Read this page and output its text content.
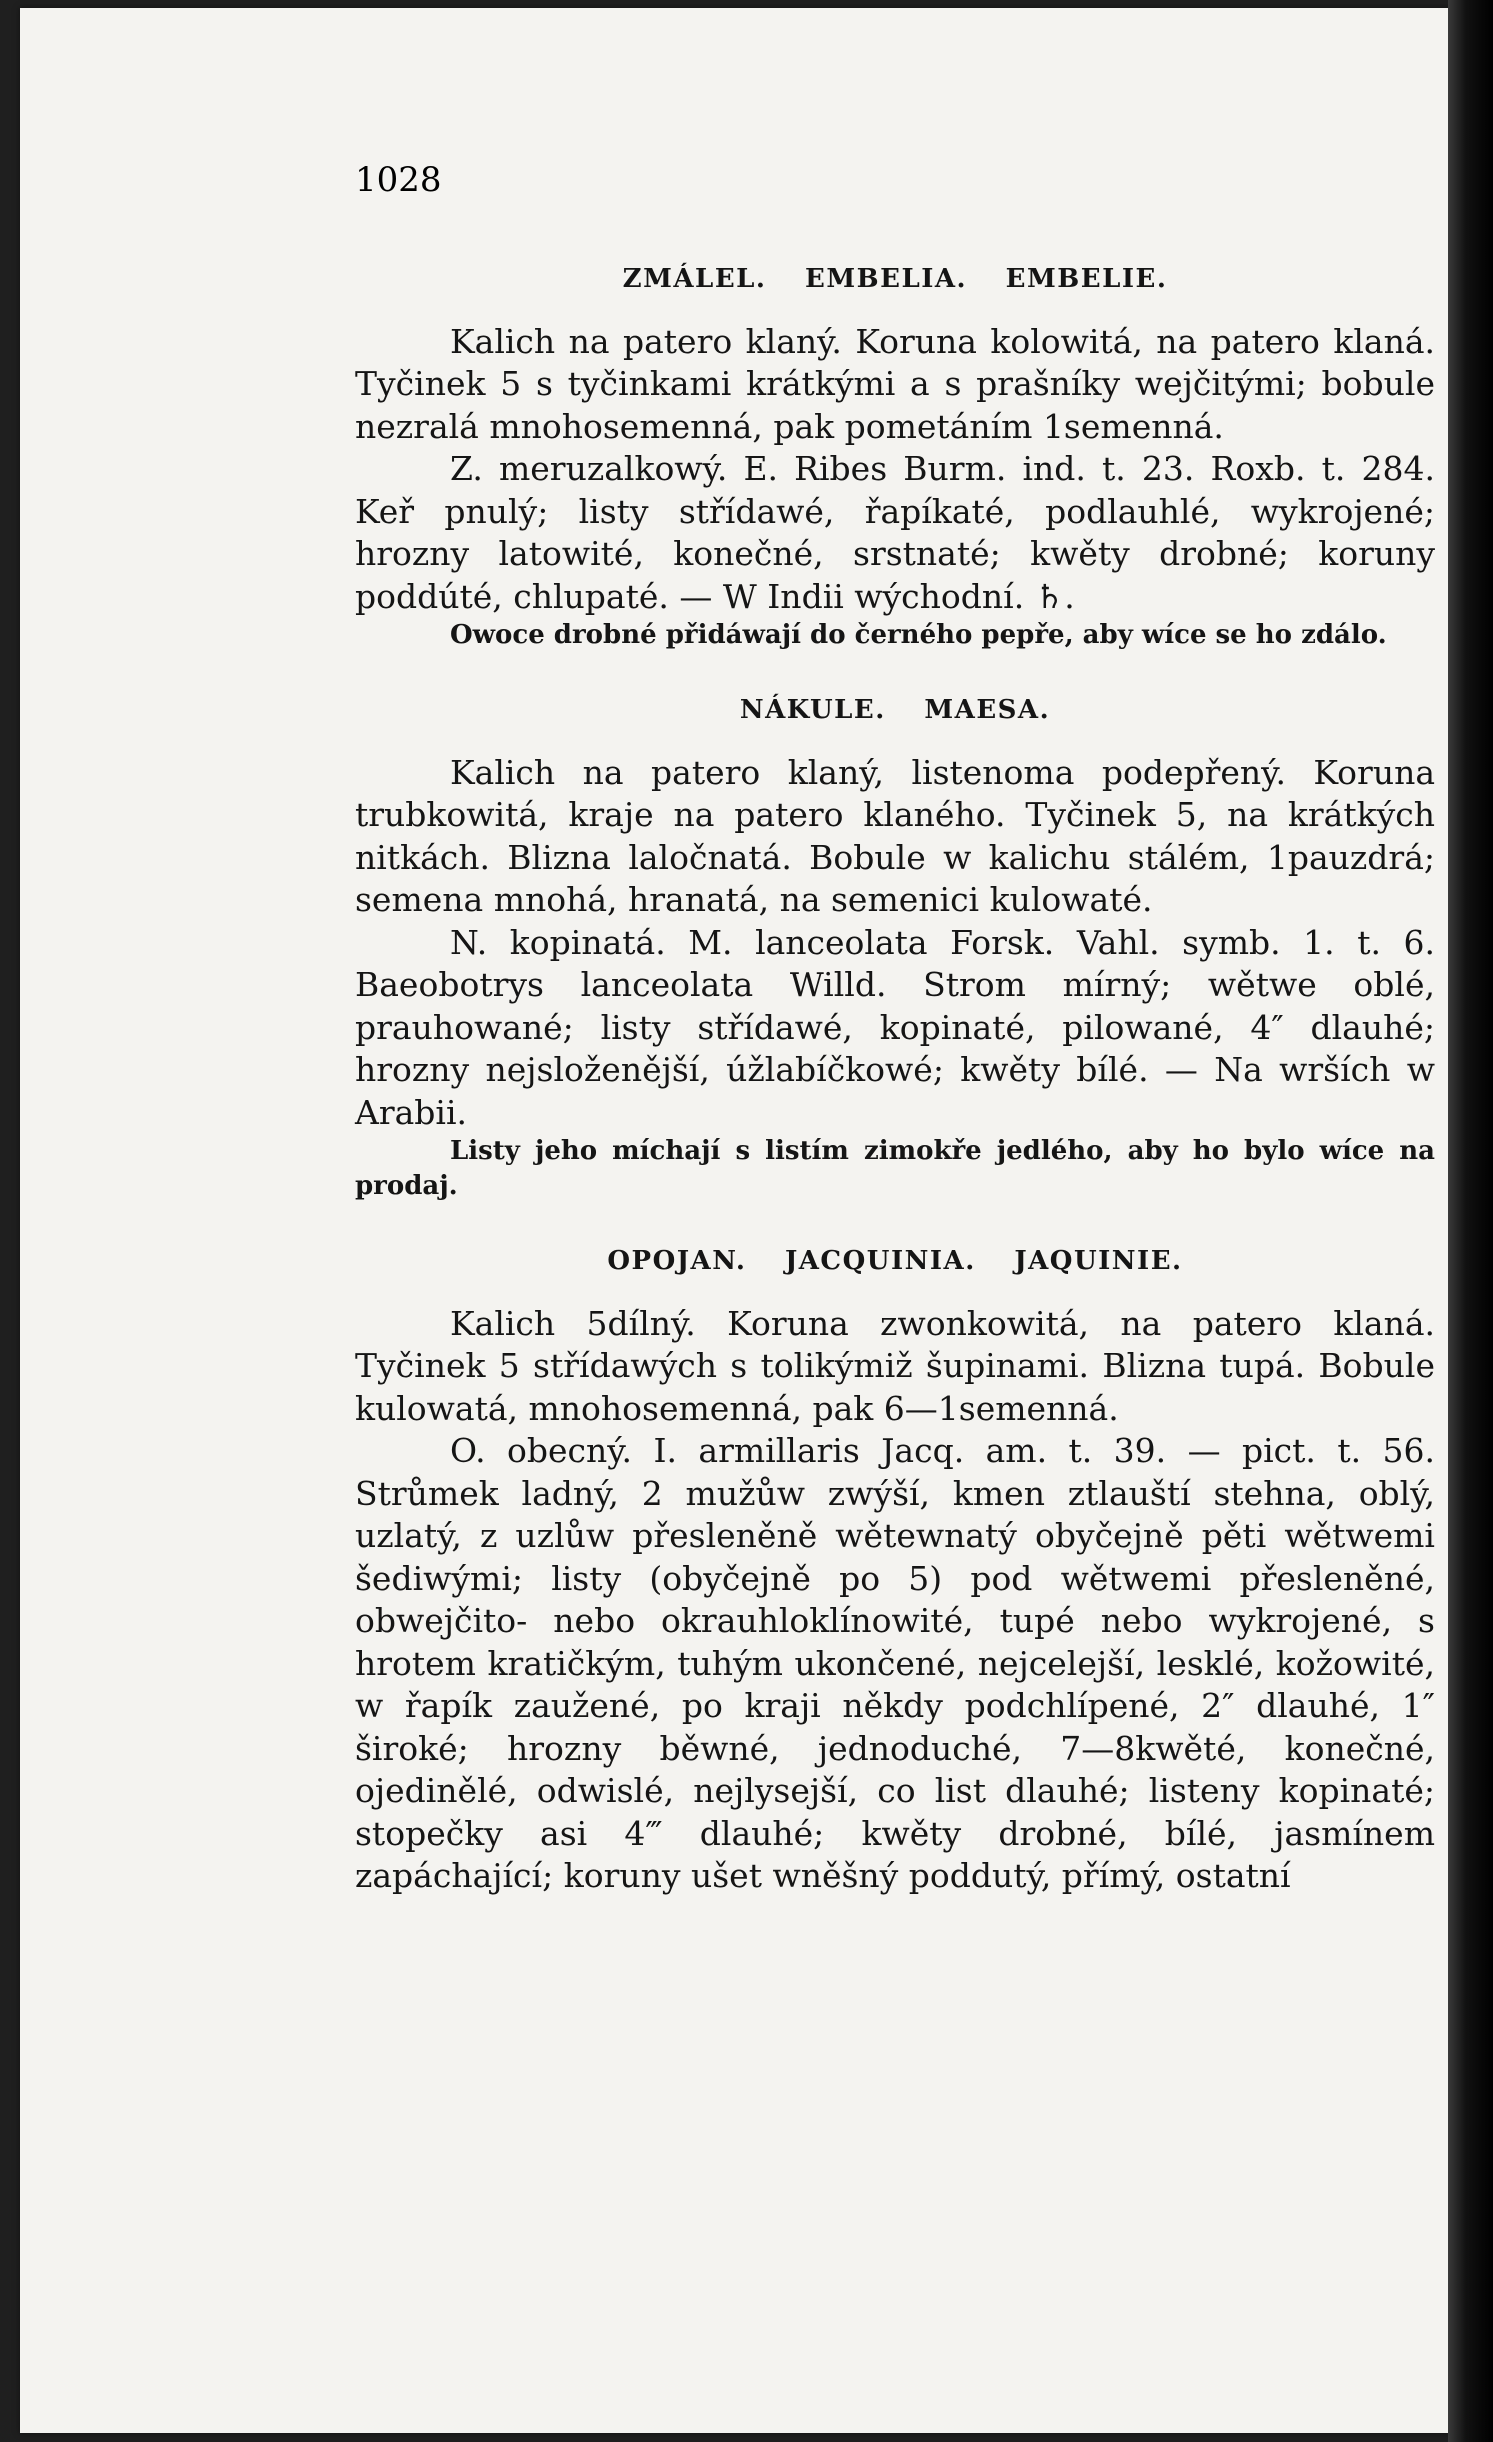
1028

ZMÁLEL. EMBELIA. EMBELIE.

Kalich na patero klaný. Koruna kolowitá, na patero klaná. Tyčinek 5 s tyčinkami krátkými a s prašníky wejčitými; bobule nezralá mnohosemenná, pak pometáním 1semenná.

Z. meruzalkowý. E. Ribes Burm. ind. t. 23. Roxb. t. 284. Keř pnulý; listy střídawé, řapíkaté, podlauhlé, wykrojené; hrozny latowité, konečné, srstnaté; kwěty drobné; koruny poddúté, chlupaté. — W Indii wýchodní. ♄.

Owoce drobné přidáwají do černého pepře, aby wíce se ho zdálo.

NÁKULE. MAESA.

Kalich na patero klaný, listenoma podepřený. Koruna trubkowitá, kraje na patero klaného. Tyčinek 5, na krátkých nitkách. Blizna laločnatá. Bobule w kalichu stálém, 1pauzdrá; semena mnohá, hranatá, na semenici kulowaté.

N. kopinatá. M. lanceolata Forsk. Vahl. symb. 1. t. 6. Baeobotrys lanceolata Willd. Strom mírný; wětwe oblé, prauhowané; listy střídawé, kopinaté, pilowané, 4″ dlauhé; hrozny nejsloženější, úžlabíčkowé; kwěty bílé. — Na wrších w Arabii.

Listy jeho míchají s listím zimokře jedlého, aby ho bylo wíce na prodaj.

OPOJAN. JACQUINIA. JAQUINIE.

Kalich 5dílný. Koruna zwonkowitá, na patero klaná. Tyčinek 5 střídawých s tolikýmiž šupinami. Blizna tupá. Bobule kulowatá, mnohosemenná, pak 6—1semenná.

O. obecný. I. armillaris Jacq. am. t. 39. — pict. t. 56. Strůmek ladný, 2 mužůw zwýší, kmen ztlauští stehna, oblý, uzlatý, z uzlůw přesleněně wětewnatý obyčejně pěti wětwemi šediwými; listy (obyčejně po 5) pod wětwemi přesleněné, obwejčito- nebo okrauhloklínowité, tupé nebo wykrojené, s hrotem kratičkým, tuhým ukončené, nejcelejší, lesklé, kožowité, w řapík zaužené, po kraji někdy podchlípené, 2″ dlauhé, 1″ široké; hrozny běwné, jednoduché, 7—8kwěté, konečné, ojedinělé, odwislé, nejlysejší, co list dlauhé; listeny kopinaté; stopečky asi 4‴ dlauhé; kwěty drobné, bílé, jasmínem zapáchající; koruny ušet wněšný poddutý, přímý, ostatní
